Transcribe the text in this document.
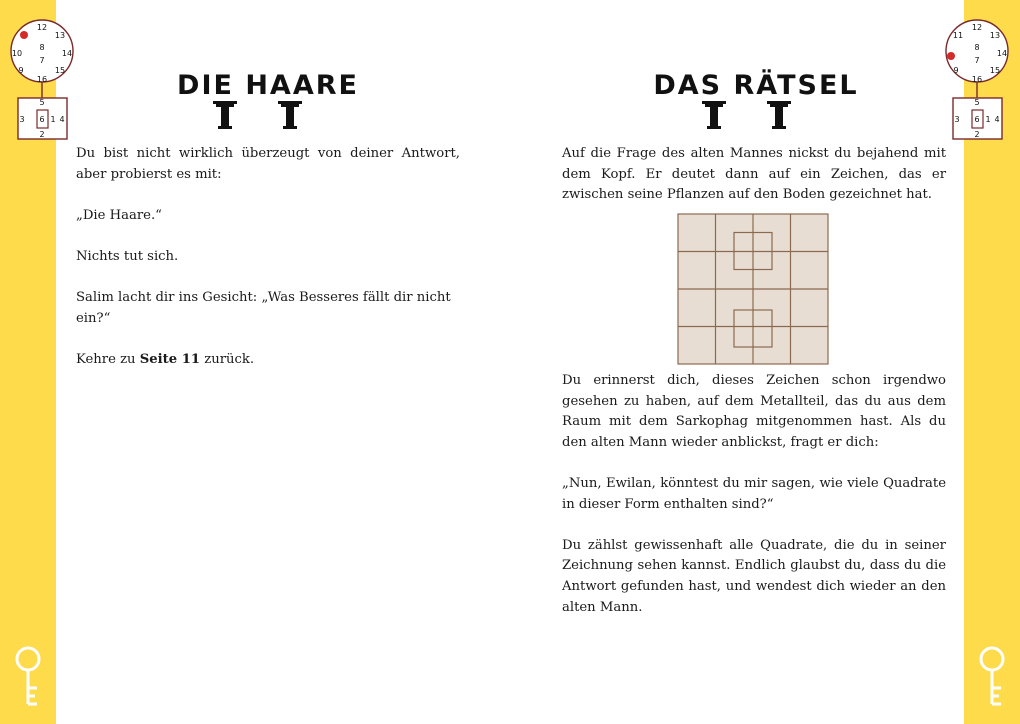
12
13
14
15
16
9
10
8
7
5
3 6 1 4
2
12
13
14
15
16
9
11
8
7
5
3 6 1 4
2
DIE HAARE	DAS RÄTSEL

Du bist nicht wirklich überzeugt von deiner Antwort, aber probierst es mit:

„Die Haare.“

Nichts tut sich.

Salim lacht dir ins Gesicht: „Was Besseres fällt dir nicht ein?“

Kehre zu Seite 11 zurück.

Auf die Frage des alten Mannes nickst du bejahend mit dem Kopf. Er deutet dann auf ein Zeichen, das er zwischen seine Pflanzen auf den Boden gezeichnet hat.

Du erinnerst dich, dieses Zeichen schon irgendwo gesehen zu haben, auf dem Metallteil, das du aus dem Raum mit dem Sarkophag mitgenommen hast. Als du den alten Mann wieder anblickst, fragt er dich:

„Nun, Ewilan, könntest du mir sagen, wie viele Quadrate in dieser Form enthalten sind?“

Du zählst gewissenhaft alle Quadrate, die du in seiner Zeichnung sehen kannst. Endlich glaubst du, dass du die Antwort gefunden hast, und wendest dich wieder an den alten Mann.

64	65
